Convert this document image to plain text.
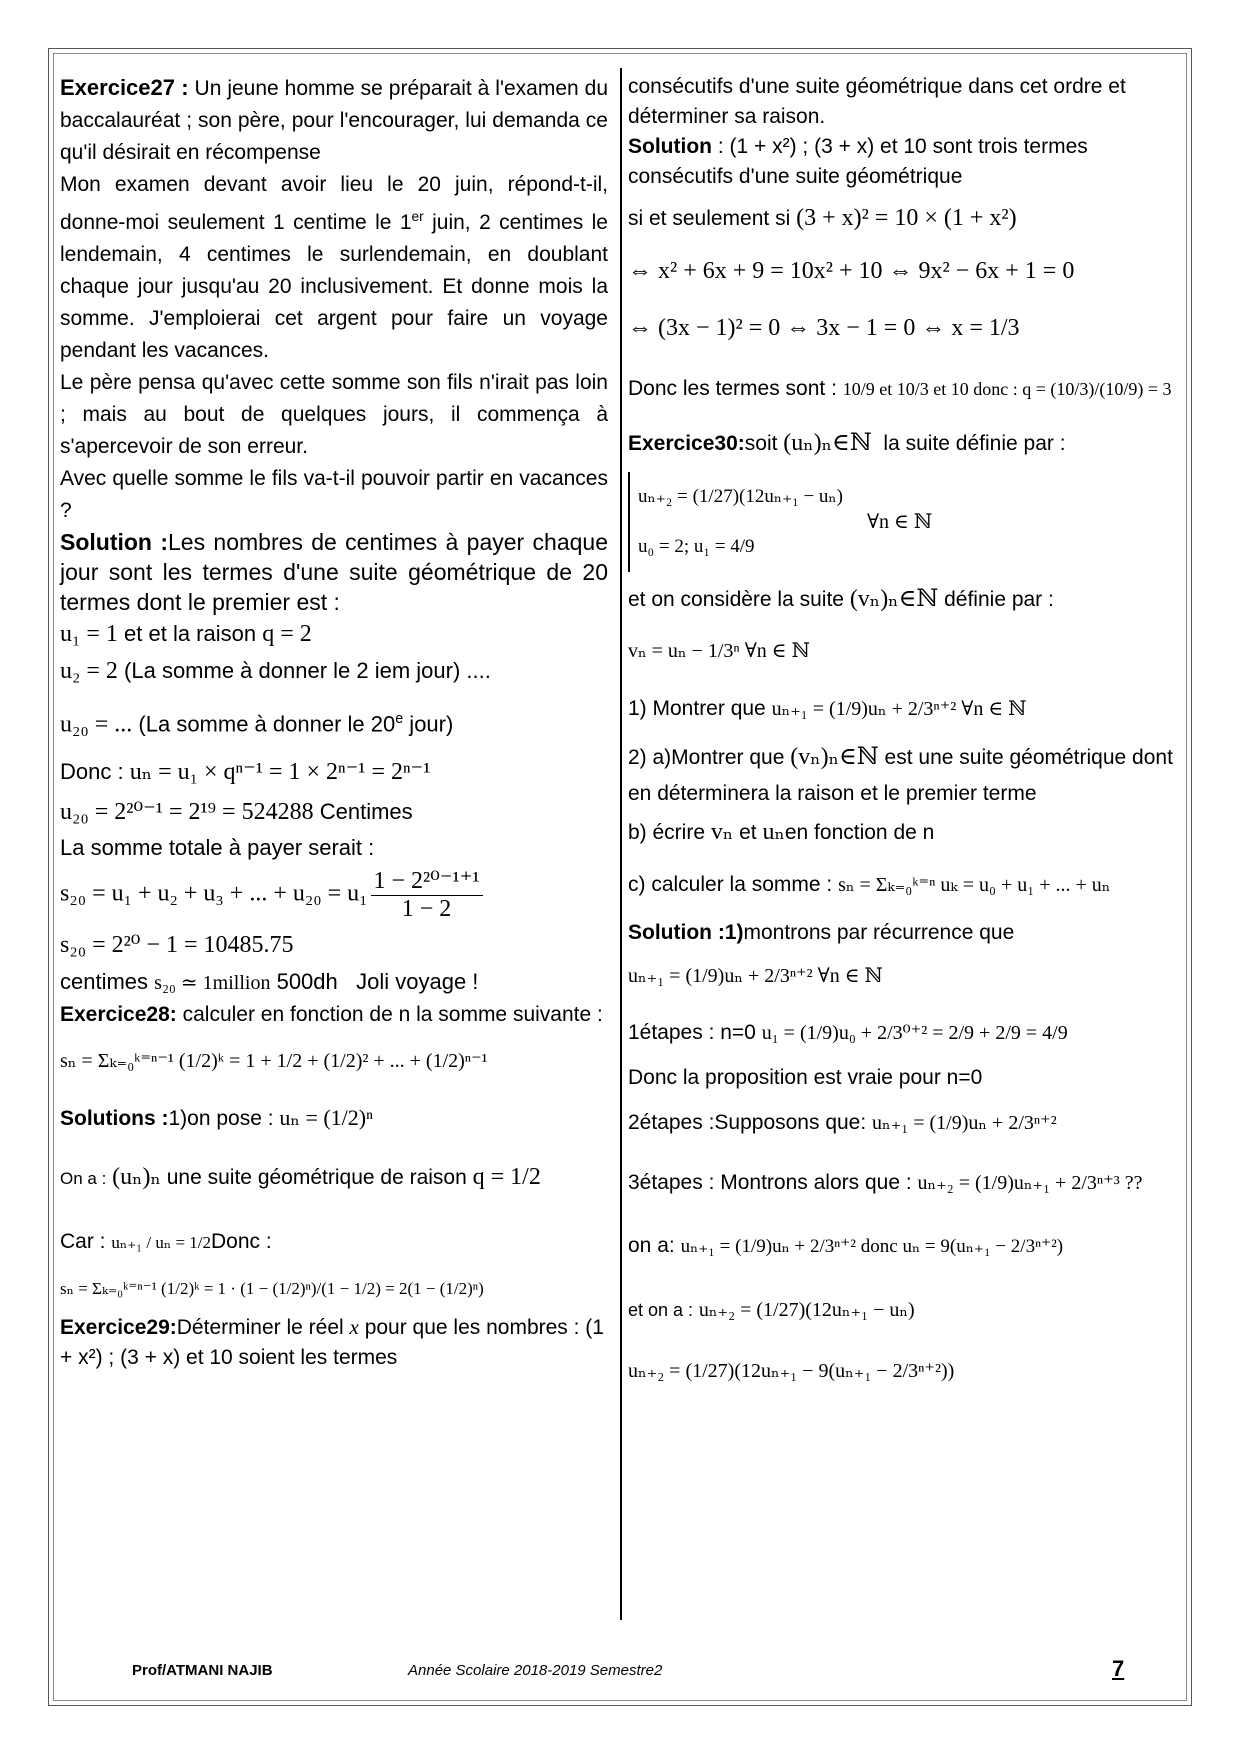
Exercice27 : Un jeune homme se préparait à l'examen du baccalauréat ; son père, pour l'encourager, lui demanda ce qu'il désirait en récompense

Mon examen devant avoir lieu le 20 juin, répond-t-il, donne-moi seulement 1 centime le 1er juin, 2 centimes le lendemain, 4 centimes le surlendemain, en doublant chaque jour jusqu'au 20 inclusivement. Et donne mois la somme. J'emploierai cet argent pour faire un voyage pendant les vacances.

Le père pensa qu'avec cette somme son fils n'irait pas loin ; mais au bout de quelques jours, il commença à s'apercevoir de son erreur.

Avec quelle somme le fils va-t-il pouvoir partir en vacances ?

Solution :Les nombres de centimes à payer chaque jour sont les termes d'une suite géométrique de 20 termes dont le premier est :

u₁ = 1 et et la raison q = 2

u₂ = 2 (La somme à donner le 2 iem jour) ....

u₂₀ = ... (La somme à donner le 20e jour)

Donc : uₙ = u₁ × qⁿ⁻¹ = 1 × 2ⁿ⁻¹ = 2ⁿ⁻¹

u₂₀ = 2²⁰⁻¹ = 2¹⁹ = 524288 Centimes

La somme totale à payer serait :

s₂₀ = u₁ + u₂ + u₃ + ... + $u_{20} = u_1 \frac{\text{1 − 2²⁰⁻¹⁺¹}}{1 - 2}$

s₂₀ = 2²⁰ − 1 = 10485.75

centimes s₂₀ ≃ 1million 500dh Joli voyage !

Exercice28: calculer en fonction de n la somme suivante :

sₙ = Σₖ₌₀ᵏ⁼ⁿ⁻¹ (1/2)ᵏ = 1 + 1/2 + (1/2)² + ... + (1/2)ⁿ⁻¹

Solutions :1)on pose : uₙ = (1/2)ⁿ

On a : (uₙ)ₙ une suite géométrique de raison q = 1/2

Car : uₙ₊₁ / uₙ = 1/2Donc :

sₙ = Σₖ₌₀ᵏ⁼ⁿ⁻¹ (1/2)ᵏ = 1 · (1 − (1/2)ⁿ)/(1 − 1/2) = 2(1 − (1/2)ⁿ)

Exercice29:Déterminer le réel x pour que les nombres : (1 + x²) ; (3 + x) et 10 soient les termes

consécutifs d'une suite géométrique dans cet ordre et déterminer sa raison.

Solution : (1 + x²) ; (3 + x) et 10 sont trois termes consécutifs d'une suite géométrique

si et seulement si (3 + x)² = 10 × (1 + x²)

⇔ x² + 6x + 9 = 10x² + 10 ⇔ 9x² − 6x + 1 = 0

⇔ (3x − 1)² = 0 ⇔ 3x − 1 = 0 ⇔ x = 1/3

Donc les termes sont : 10/9 et 10/3 et 10 donc : q = (10/3)/(10/9) = 3

Exercice30:soit (uₙ)ₙ∈ℕ la suite définie par :

uₙ₊₂ = (1/27)(12uₙ₊₁ − uₙ)
u₀ = 2; u₁ = 4/9
∀n ∈ ℕ

et on considère la suite (vₙ)ₙ∈ℕ définie par :

vₙ = uₙ − 1/3ⁿ ∀n ∈ ℕ

1) Montrer que uₙ₊₁ = (1/9)uₙ + 2/3ⁿ⁺² ∀n ∈ ℕ

2) a)Montrer que (vₙ)ₙ∈ℕ est une suite géométrique dont en déterminera la raison et le premier terme

b) écrire vₙ et uₙen fonction de n

c) calculer la somme : sₙ = Σₖ₌₀ᵏ⁼ⁿ uₖ = u₀ + u₁ + ... + uₙ

Solution :1)montrons par récurrence que

uₙ₊₁ = (1/9)uₙ + 2/3ⁿ⁺² ∀n ∈ ℕ

1étapes : n=0 u₁ = (1/9)u₀ + 2/3⁰⁺² = 2/9 + 2/9 = 4/9

Donc la proposition est vraie pour n=0

2étapes :Supposons que: uₙ₊₁ = (1/9)uₙ + 2/3ⁿ⁺²

3étapes : Montrons alors que : uₙ₊₂ = (1/9)uₙ₊₁ + 2/3ⁿ⁺³ ??

on a: uₙ₊₁ = (1/9)uₙ + 2/3ⁿ⁺² donc uₙ = 9(uₙ₊₁ − 2/3ⁿ⁺²)

et on a : uₙ₊₂ = (1/27)(12uₙ₊₁ − uₙ)

uₙ₊₂ = (1/27)(12uₙ₊₁ − 9(uₙ₊₁ − 2/3ⁿ⁺²))

Prof/ATMANI NAJIB	Année Scolaire 2018-2019 Semestre2	7
